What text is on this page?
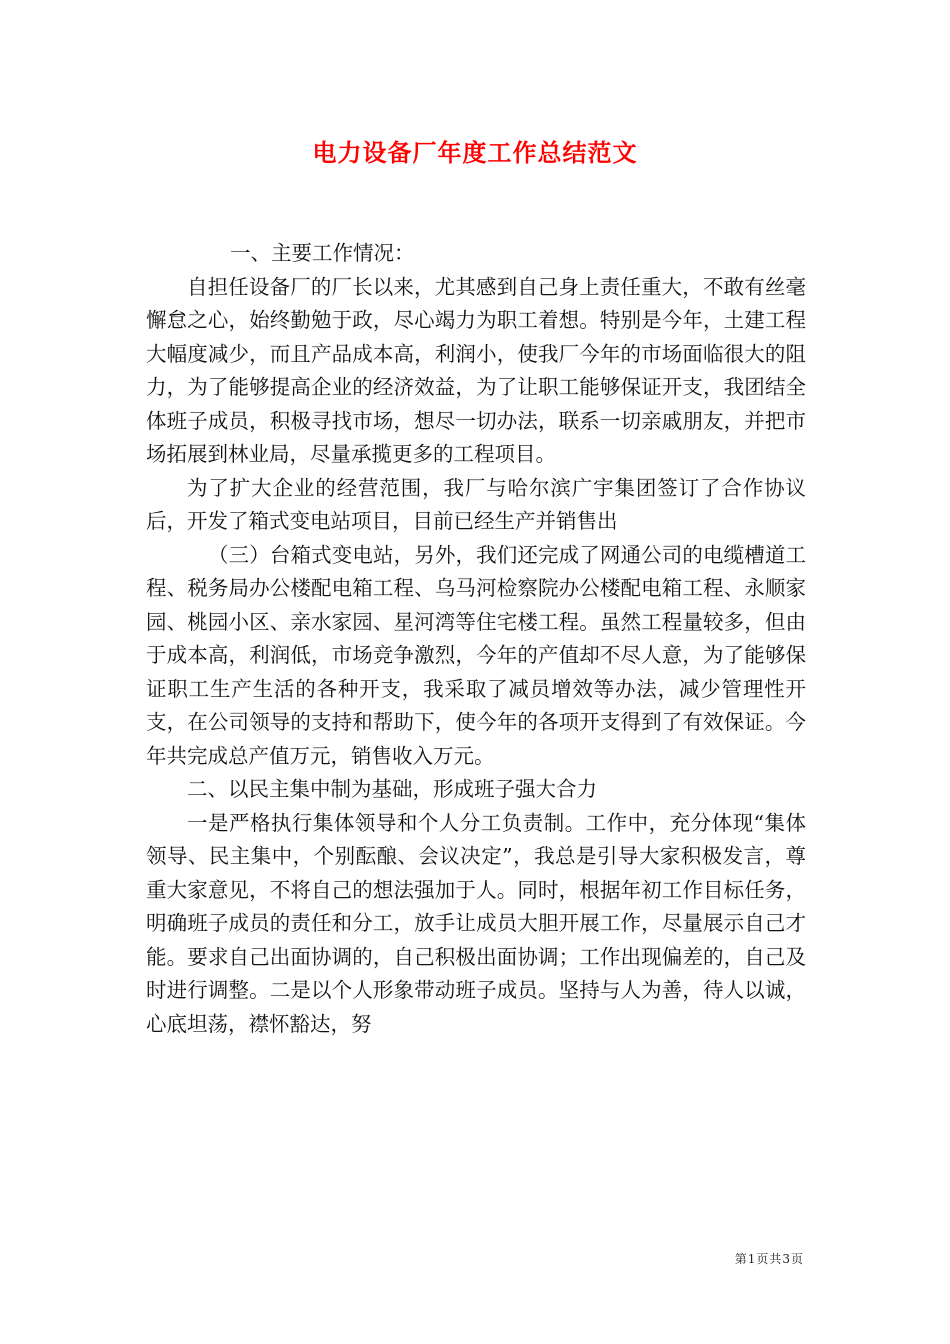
电力设备厂年度工作总结范文

一、主要工作情况：

自担任设备厂的厂长以来，尤其感到自己身上责任重大，不敢有丝毫懈怠之心，始终勤勉于政，尽心竭力为职工着想。特别是今年，土建工程大幅度减少，而且产品成本高，利润小，使我厂今年的市场面临很大的阻力，为了能够提高企业的经济效益，为了让职工能够保证开支，我团结全体班子成员，积极寻找市场，想尽一切办法，联系一切亲戚朋友，并把市场拓展到林业局，尽量承揽更多的工程项目。

为了扩大企业的经营范围，我厂与哈尔滨广宇集团签订了合作协议后，开发了箱式变电站项目，目前已经生产并销售出

（三）台箱式变电站，另外，我们还完成了网通公司的电缆槽道工程、税务局办公楼配电箱工程、乌马河检察院办公楼配电箱工程、永顺家园、桃园小区、亲水家园、星河湾等住宅楼工程。虽然工程量较多，但由于成本高，利润低，市场竞争激烈，今年的产值却不尽人意，为了能够保证职工生产生活的各种开支，我采取了减员增效等办法，减少管理性开支，在公司领导的支持和帮助下，使今年的各项开支得到了有效保证。今年共完成总产值万元，销售收入万元。

二、以民主集中制为基础，形成班子强大合力

一是严格执行集体领导和个人分工负责制。工作中，充分体现“集体领导、民主集中，个别酝酿、会议决定”，我总是引导大家积极发言，尊重大家意见，不将自己的想法强加于人。同时，根据年初工作目标任务，明确班子成员的责任和分工，放手让成员大胆开展工作，尽量展示自己才能。要求自己出面协调的，自己积极出面协调；工作出现偏差的，自己及时进行调整。二是以个人形象带动班子成员。坚持与人为善，待人以诚，心底坦荡，襟怀豁达，努

第1页共3页
